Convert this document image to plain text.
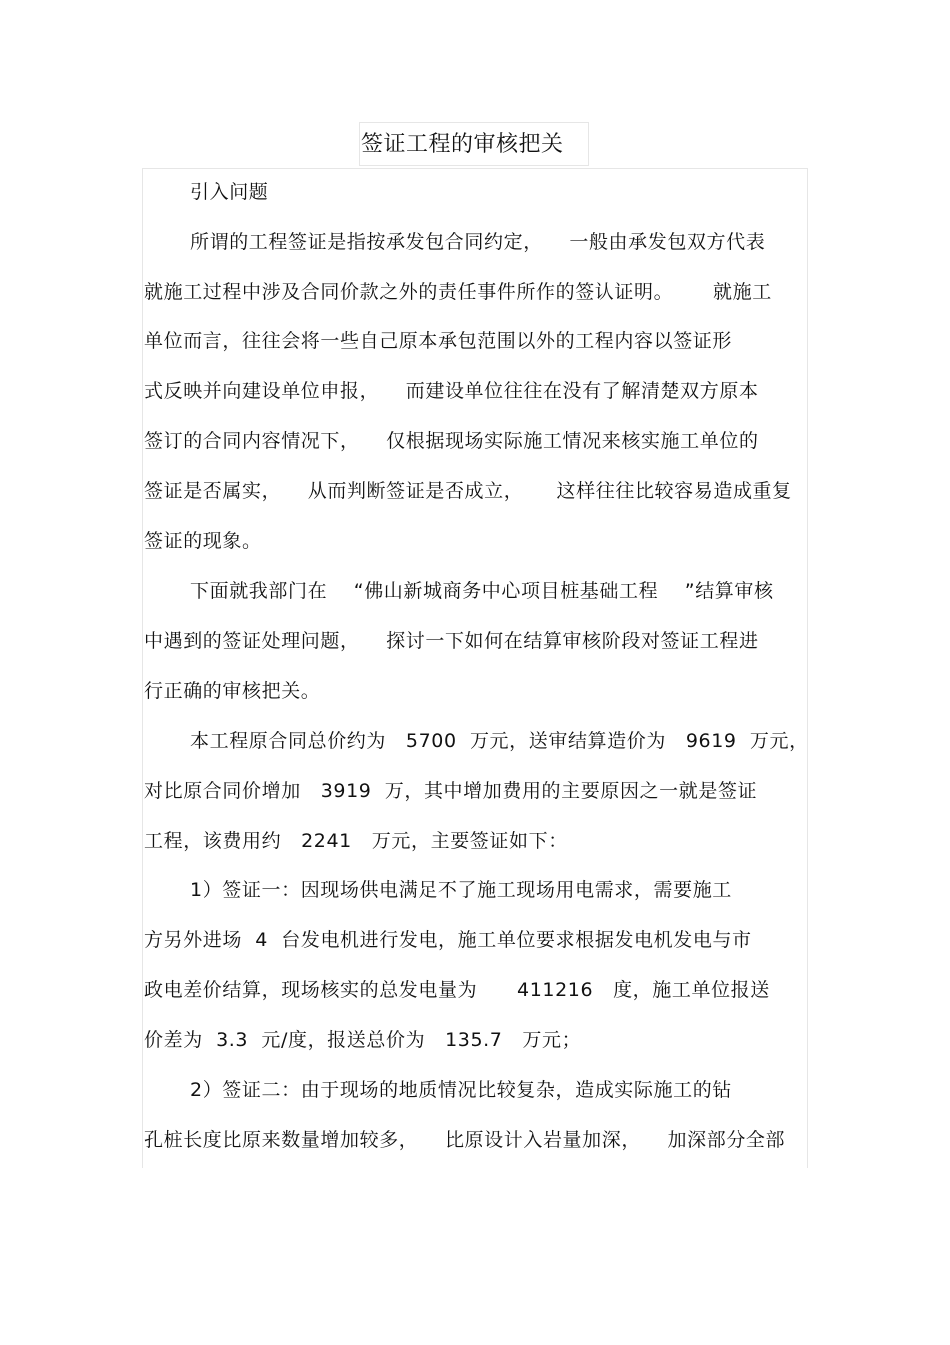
签证工程的审核把关
引入问题
所谓的工程签证是指按承发包合同约定，    一般由承发包双方代表
就施工过程中涉及合同价款之外的责任事件所作的签认证明。      就施工
单位而言，往往会将一些自己原本承包范围以外的工程内容以签证形
式反映并向建设单位申报，    而建设单位往往在没有了解清楚双方原本
签订的合同内容情况下，    仅根据现场实际施工情况来核实施工单位的
签证是否属实，    从而判断签证是否成立，     这样往往比较容易造成重复
签证的现象。
下面就我部门在    “佛山新城商务中心项目桩基础工程    ”结算审核
中遇到的签证处理问题，    探讨一下如何在结算审核阶段对签证工程进
行正确的审核把关。
本工程原合同总价约为   5700  万元，送审结算造价为   9619  万元，
对比原合同价增加   3919  万，其中增加费用的主要原因之一就是签证
工程，该费用约   2241   万元，主要签证如下：
1）签证一：因现场供电满足不了施工现场用电需求，需要施工
方另外进场  4  台发电机进行发电，施工单位要求根据发电机发电与市
政电差价结算，现场核实的总发电量为      411216   度，施工单位报送
价差为  3.3  元/度，报送总价为   135.7   万元；
2）签证二：由于现场的地质情况比较复杂，造成实际施工的钻
孔桩长度比原来数量增加较多，    比原设计入岩量加深，    加深部分全部
